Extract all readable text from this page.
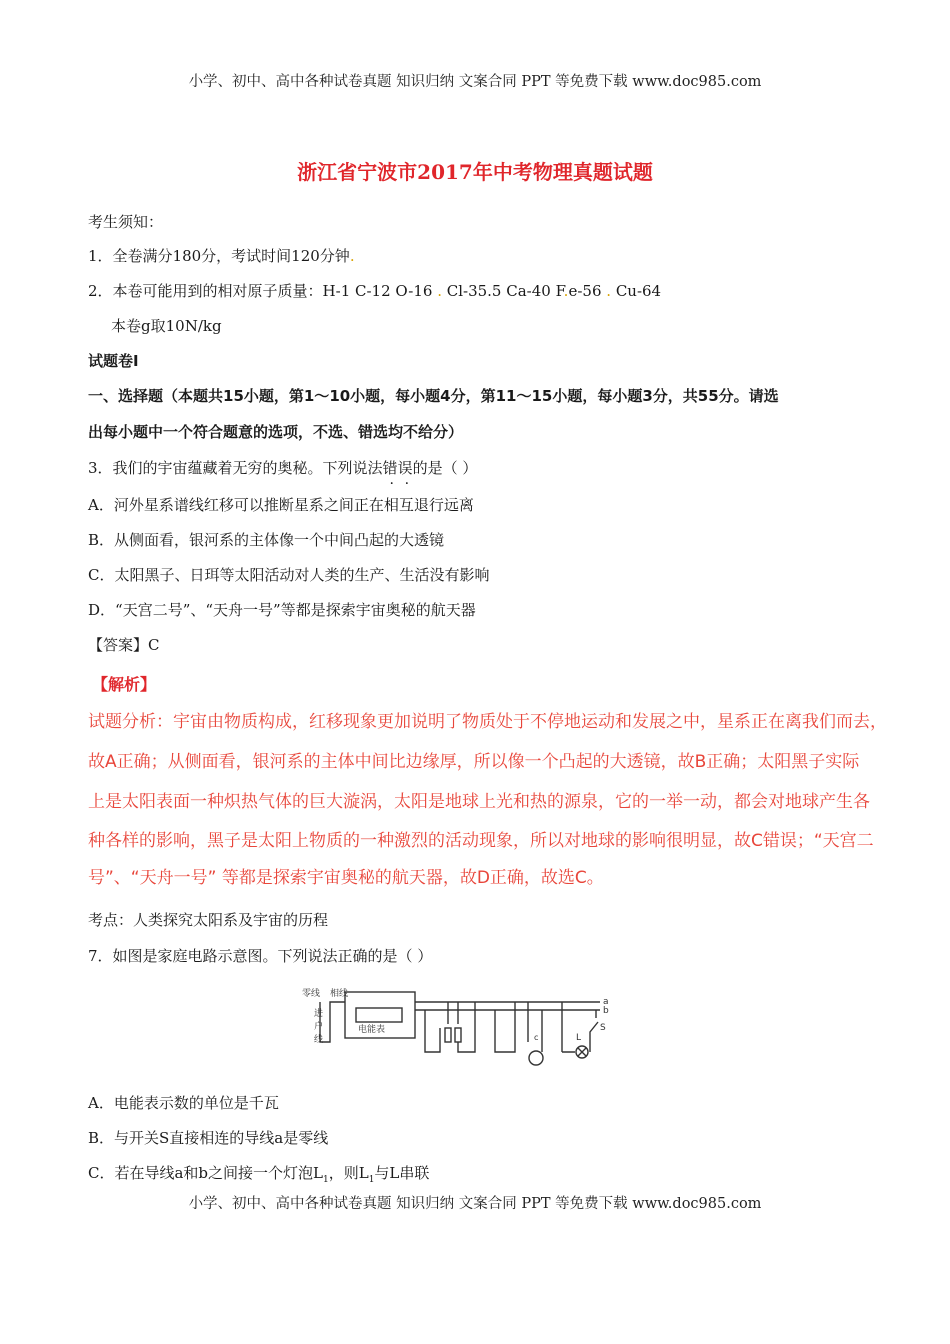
小学、初中、高中各种试卷真题 知识归纳 文案合同 PPT 等免费下载 www.doc985.com
浙江省宁波市2017年中考物理真题试题
考生须知：
1．全卷满分180分，考试时间120分钟.
2．本卷可能用到的相对原子质量：H-1 C-12 O-16 . Cl-35.5 Ca-40 F.e-56 . Cu-64
本卷g取10N/kg
试题卷Ⅰ
一、选择题（本题共15小题，第1～10小题，每小题4分，第11～15小题，每小题3分，共55分。请选
出每小题中一个符合题意的选项，不选、错选均不给分）
3．我们的宇宙蕴藏着无穷的奥秘。下列说法错误的是（ ）
A．河外星系谱线红移可以推断星系之间正在相互退行远离
B．从侧面看，银河系的主体像一个中间凸起的大透镜
C．太阳黑子、日珥等太阳活动对人类的生产、生活没有影响
D．“天宫二号”、“天舟一号”等都是探索宇宙奥秘的航天器
【答案】C
【解析】
试题分析：宇宙由物质构成，红移现象更加说明了物质处于不停地运动和发展之中，星系正在离我们而去，
故A正确；从侧面看，银河系的主体中间比边缘厚，所以像一个凸起的大透镜，故B正确；太阳黑子实际
上是太阳表面一种炽热气体的巨大漩涡，太阳是地球上光和热的源泉，它的一举一动，都会对地球产生各
种各样的影响，黑子是太阳上物质的一种激烈的活动现象，所以对地球的影响很明显，故C错误；“天宫二
号”、“天舟一号” 等都是探索宇宙奥秘的航天器，故D正确，故选C。
考点：人类探究太阳系及宇宙的历程
7．如图是家庭电路示意图。下列说法正确的是（ ）
零线 相线
进 户 线
电能表
a
b
c	L
S
A．电能表示数的单位是千瓦
B．与开关S直接相连的导线a是零线
C．若在导线a和b之间接一个灯泡$L_1$，则$L_1$与L串联
小学、初中、高中各种试卷真题 知识归纳 文案合同 PPT 等免费下载 www.doc985.com
